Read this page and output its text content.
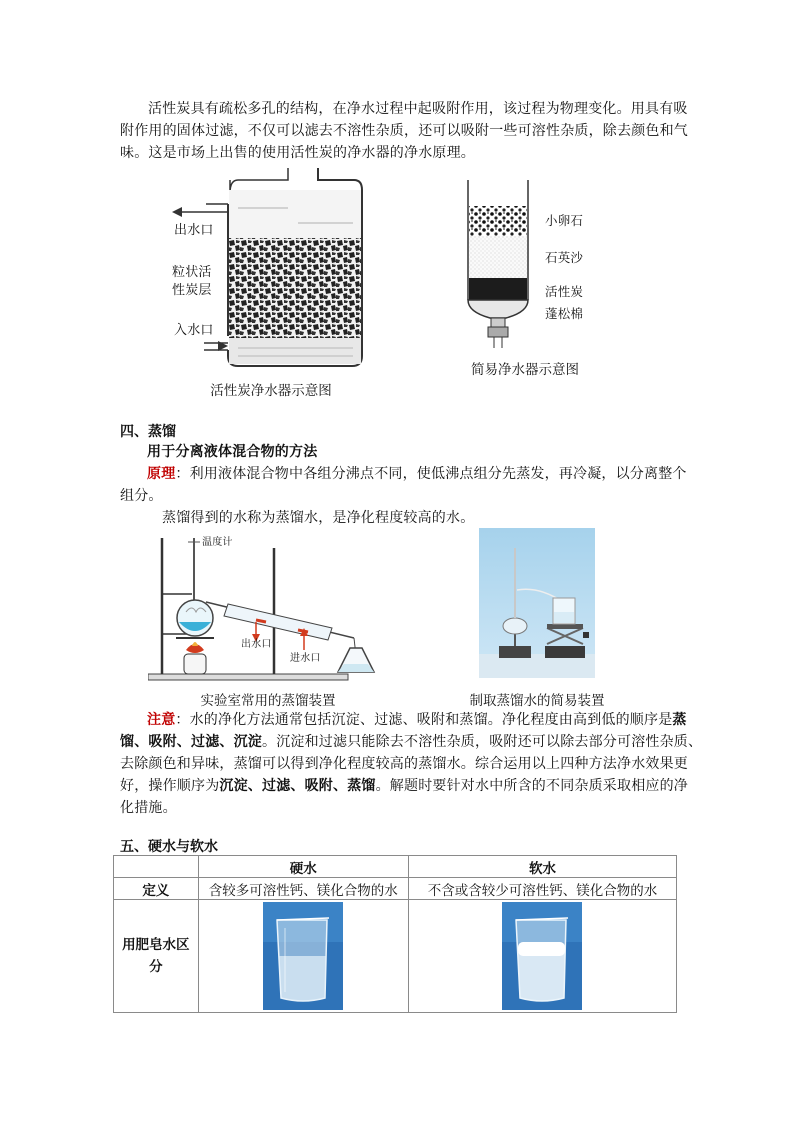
活性炭具有疏松多孔的结构，在净水过程中起吸附作用，该过程为物理变化。用具有吸
附作用的固体过滤，不仅可以滤去不溶性杂质，还可以吸附一些可溶性杂质，除去颜色和气
味。这是市场上出售的使用活性炭的净水器的净水原理。
出水口
粒状活
性炭层
入水口
活性炭净水器示意图
小卵石
石英沙
活性炭
蓬松棉
简易净水器示意图
四、蒸馏
用于分离液体混合物的方法
原理：利用液体混合物中各组分沸点不同，使低沸点组分先蒸发，再冷凝，以分离整个
组分。
蒸馏得到的水称为蒸馏水，是净化程度较高的水。
温度计
出水口
进水口
实验室常用的蒸馏装置	制取蒸馏水的简易装置
注意：水的净化方法通常包括沉淀、过滤、吸附和蒸馏。净化程度由高到低的顺序是蒸
馏、吸附、过滤、沉淀。沉淀和过滤只能除去不溶性杂质，吸附还可以除去部分可溶性杂质、
去除颜色和异味，蒸馏可以得到净化程度较高的蒸馏水。综合运用以上四种方法净水效果更
好，操作顺序为沉淀、过滤、吸附、蒸馏。解题时要针对水中所含的不同杂质采取相应的净
化措施。
五、硬水与软水
	硬水	软水
定义	含较多可溶性钙、镁化合物的水	不含或含较少可溶性钙、镁化合物的水

用肥皂水区
分
